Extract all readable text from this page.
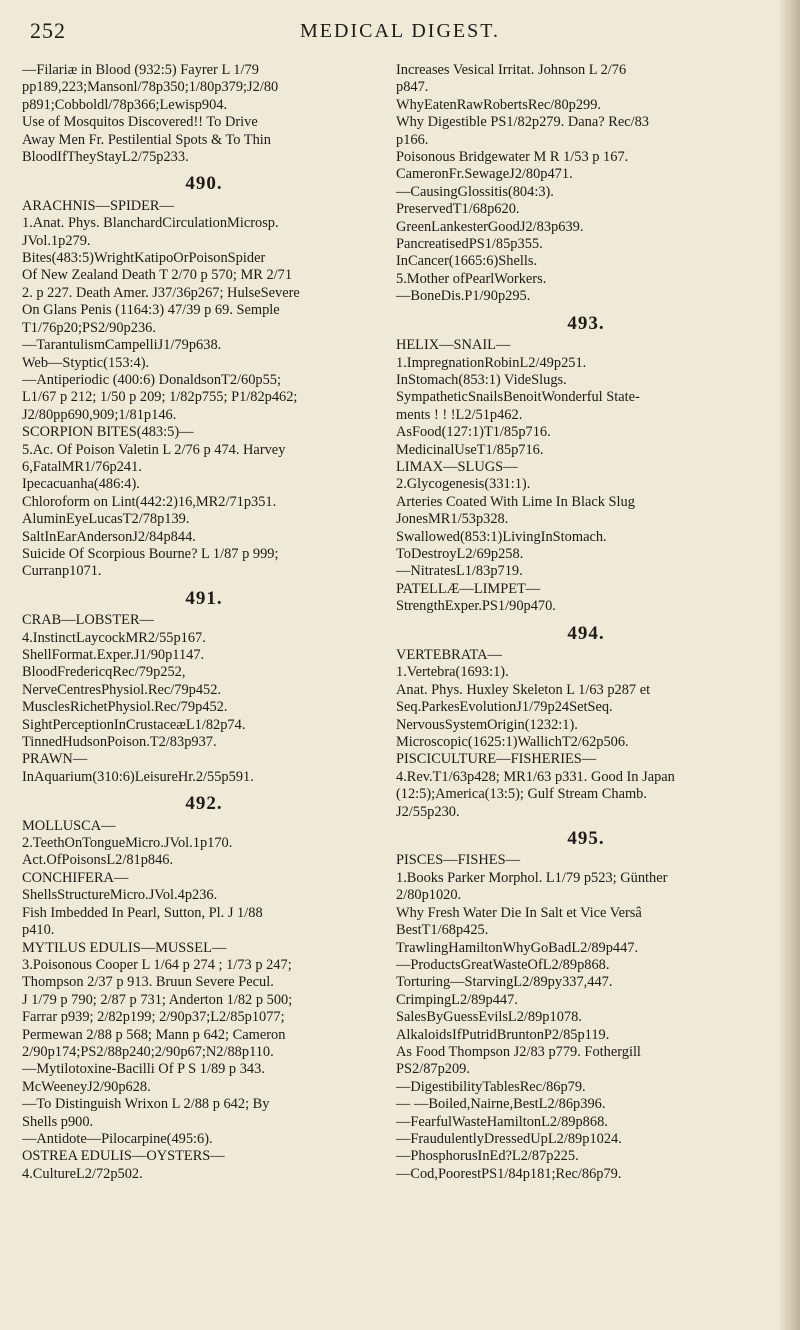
252	MEDICAL DIGEST.
—Filariæ in Blood (932:5) Fayrer L 1/79
pp189,223;Mansonl/78p350;1/80p379;J2/80
p891;Cobboldl/78p366;Lewisp904.
Use of Mosquitos Discovered!! To Drive
Away Men Fr. Pestilential Spots & To Thin
BloodIfTheyStayL2/75p233.
490.
ARACHNIS—SPIDER—
1.Anat. Phys. BlanchardCirculationMicrosp.
JVol.1p279.
Bites(483:5)WrightKatipoOrPoisonSpider
Of New Zealand Death T 2/70 p 570; MR 2/71
2. p 227. Death Amer. J37/36p267; HulseSevere
On Glans Penis (1164:3) 47/39 p 69. Semple
T1/76p20;PS2/90p236.
—TarantulismCampelliJ1/79p638.
Web—Styptic(153:4).
—Antiperiodic (400:6) DonaldsonT2/60p55;
L1/67 p 212; 1/50 p 209; 1/82p755; P1/82p462;
J2/80pp690,909;1/81p146.
SCORPION BITES(483:5)—
5.Ac. Of Poison Valetin L 2/76 p 474. Harvey
6,FatalMR1/76p241.
Ipecacuanha(486:4).
Chloroform on Lint(442:2)16,MR2/71p351.
AluminEyeLucasT2/78p139.
SaltInEarAndersonJ2/84p844.
Suicide Of Scorpious Bourne? L 1/87 p 999;
Curranp1071.
491.
CRAB—LOBSTER—
4.InstinctLaycockMR2/55p167.
ShellFormat.Exper.J1/90p1147.
BloodFredericqRec/79p252,
NerveCentresPhysiol.Rec/79p452.
MusclesRichetPhysiol.Rec/79p452.
SightPerceptionInCrustaceæL1/82p74.
TinnedHudsonPoison.T2/83p937.
PRAWN—
InAquarium(310:6)LeisureHr.2/55p591.
492.
MOLLUSCA—
2.TeethOnTongueMicro.JVol.1p170.
Act.OfPoisonsL2/81p846.
CONCHIFERA—
ShellsStructureMicro.JVol.4p236.
Fish Imbedded In Pearl, Sutton, Pl. J 1/88
p410.
MYTILUS EDULIS—MUSSEL—
3.Poisonous Cooper L 1/64 p 274 ; 1/73 p 247;
Thompson 2/37 p 913. Bruun Severe Pecul.
J 1/79 p 790; 2/87 p 731; Anderton 1/82 p 500;
Farrar p939; 2/82p199; 2/90p37;L2/85p1077;
Permewan 2/88 p 568; Mann p 642; Cameron
2/90p174;PS2/88p240;2/90p67;N2/88p110.
—Mytilotoxine-Bacilli Of P S 1/89 p 343.
McWeeneyJ2/90p628.
—To Distinguish Wrixon L 2/88 p 642; By
Shells p900.
—Antidote—Pilocarpine(495:6).
OSTREA EDULIS—OYSTERS—
4.CultureL2/72p502.
Increases Vesical Irritat. Johnson L 2/76
p847.
WhyEatenRawRobertsRec/80p299.
Why Digestible PS1/82p279. Dana? Rec/83
p166.
Poisonous Bridgewater M R 1/53 p 167.
CameronFr.SewageJ2/80p471.
—CausingGlossitis(804:3).
PreservedT1/68p620.
GreenLankesterGoodJ2/83p639.
PancreatisedPS1/85p355.
InCancer(1665:6)Shells.
5.Mother ofPearlWorkers.
—BoneDis.P1/90p295.
493.
HELIX—SNAIL—
1.ImpregnationRobinL2/49p251.
InStomach(853:1) VideSlugs.
SympatheticSnailsBenoitWonderful State-
ments ! ! !L2/51p462.
AsFood(127:1)T1/85p716.
MedicinalUseT1/85p716.
LIMAX—SLUGS—
2.Glycogenesis(331:1).
Arteries Coated With Lime In Black Slug
JonesMR1/53p328.
Swallowed(853:1)LivingInStomach.
ToDestroyL2/69p258.
—NitratesL1/83p719.
PATELLÆ—LIMPET—
StrengthExper.PS1/90p470.
494.
VERTEBRATA—
1.Vertebra(1693:1).
Anat. Phys. Huxley Skeleton L 1/63 p287 et
Seq.ParkesEvolutionJ1/79p24SetSeq.
NervousSystemOrigin(1232:1).
Microscopic(1625:1)WallichT2/62p506.
PISCICULTURE—FISHERIES—
4.Rev.T1/63p428; MR1/63 p331. Good In Japan
(12:5);America(13:5); Gulf Stream Chamb.
J2/55p230.
495.
PISCES—FISHES—
1.Books Parker Morphol. L1/79 p523; Günther
2/80p1020.
Why Fresh Water Die In Salt et Vice Versâ
BestT1/68p425.
TrawlingHamiltonWhyGoBadL2/89p447.
—ProductsGreatWasteOfL2/89p868.
Torturing—StarvingL2/89py337,447.
CrimpingL2/89p447.
SalesByGuessEvilsL2/89p1078.
AlkaloidsIfPutridBruntonP2/85p119.
As Food Thompson J2/83 p779. Fothergill
PS2/87p209.
—DigestibilityTablesRec/86p79.
— —Boiled,Nairne,BestL2/86p396.
—FearfulWasteHamiltonL2/89p868.
—FraudulentlyDressedUpL2/89p1024.
—PhosphorusInEd?L2/87p225.
—Cod,PoorestPS1/84p181;Rec/86p79.
